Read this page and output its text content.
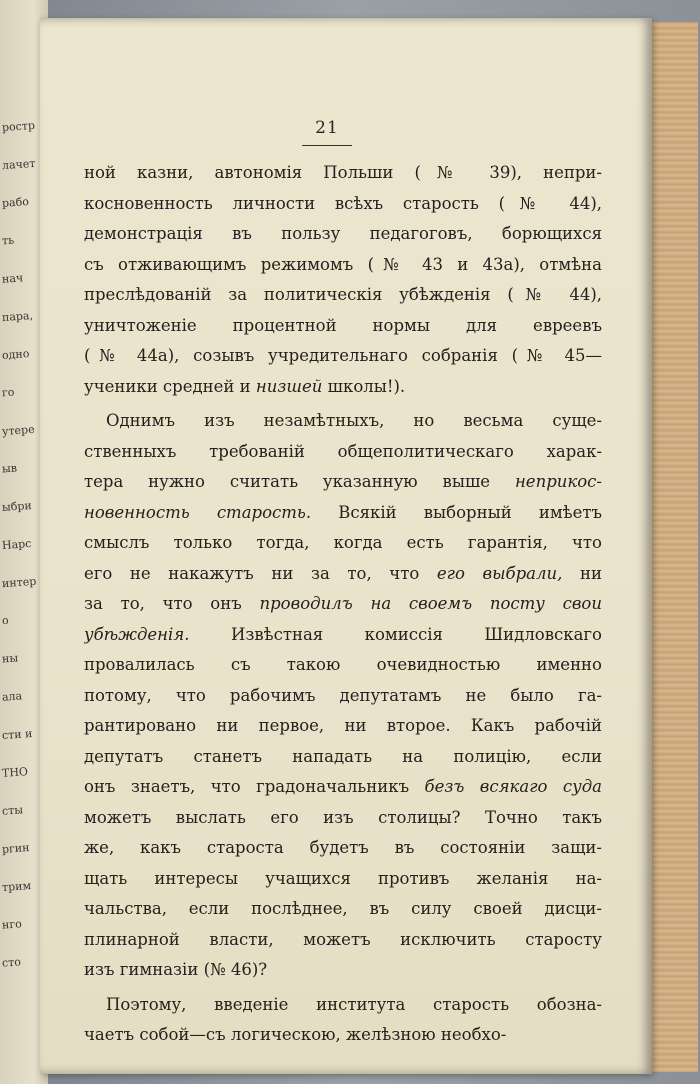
ростр
лачет
рабо
ть
нач
пара,
одно
го
утере
ыв
ыбри
Нарс
интер
о
ны
ала
сти и
ТНО
сты
ргин
трим
нго
сто
21
ной казни, автономія Польши (№ 39), непри-
косновенность личности всѣхъ старость (№ 44),
демонстрація въ пользу педагоговъ, борющихся
съ отживающимъ режимомъ (№ 43 и 43а), отмѣна
преслѣдованій за политическія убѣжденія (№ 44),
уничтоженіе процентной нормы для евреевъ
(№ 44а), созывъ учредительнаго собранія (№ 45—
ученики средней и низшей школы!).
Однимъ изъ незамѣтныхъ, но весьма суще-
ственныхъ требованій общеполитическаго харак-
тера нужно считать указанную выше неприкос-
новенность старость. Всякій выборный имѣетъ
смыслъ только тогда, когда есть гарантія, что
его не накажутъ ни за то, что его выбрали, ни
за то, что онъ проводилъ на своемъ посту свои
убѣжденія. Извѣстная комиссія Шидловскаго
провалилась съ такою очевидностью именно
потому, что рабочимъ депутатамъ не было га-
рантировано ни первое, ни второе. Какъ рабочій
депутатъ станетъ нападать на полицію, если
онъ знаетъ, что градоначальникъ безъ всякаго суда
можетъ выслать его изъ столицы? Точно такъ
же, какъ староста будетъ въ состояніи защи-
щать интересы учащихся противъ желанія на-
чальства, если послѣднее, въ силу своей дисци-
плинарной власти, можетъ исключить старосту
изъ гимназіи (№ 46)?
Поэтому, введеніе института старость обозна-
чаетъ собой—съ логическою, желѣзною необхо-
